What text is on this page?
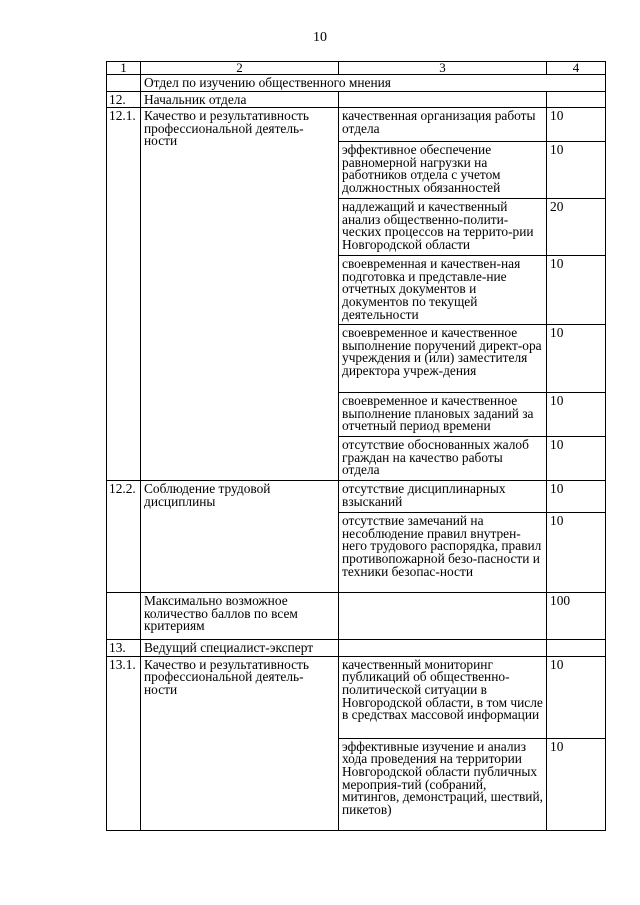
10
1	2	3	4
	Отдел по изучению общественного мнения		
12.	Начальник отдела		
12.1.	Качество и результативность профессиональной деятель-ности	качественная организация работы отдела	10
		эффективное обеспечение равномерной нагрузки на работников отдела с учетом должностных обязанностей	10
		надлежащий и качественный анализ общественно-полити-ческих процессов на террито-рии Новгородской области	20
		своевременная и качествен-ная подготовка и представле-ние отчетных документов и документов по текущей деятельности	10
		своевременное и качественное выполнение поручений директ-ора учреждения и (или) заместителя директора учреж-дения	10
		своевременное и качественное выполнение плановых заданий за отчетный период времени	10
		отсутствие обоснованных жалоб граждан на качество работы отдела	10
12.2.	Соблюдение трудовой дисциплины	отсутствие дисциплинарных взысканий	10
		отсутствие замечаний на несоблюдение правил внутрен-него трудового распорядка, правил противопожарной безо-пасности и техники безопас-ности	10
	Максимально возможное количество баллов по всем критериям		100
13.	Ведущий специалист-эксперт		
13.1.	Качество и результативность профессиональной деятель-ности	качественный мониторинг публикаций об общественно-политической ситуации в Новгородской области, в том числе в средствах массовой информации	10
		эффективные изучение и анализ хода проведения на территории Новгородской области публичных мероприя-тий (собраний, митингов, демонстраций, шествий, пикетов)	10
